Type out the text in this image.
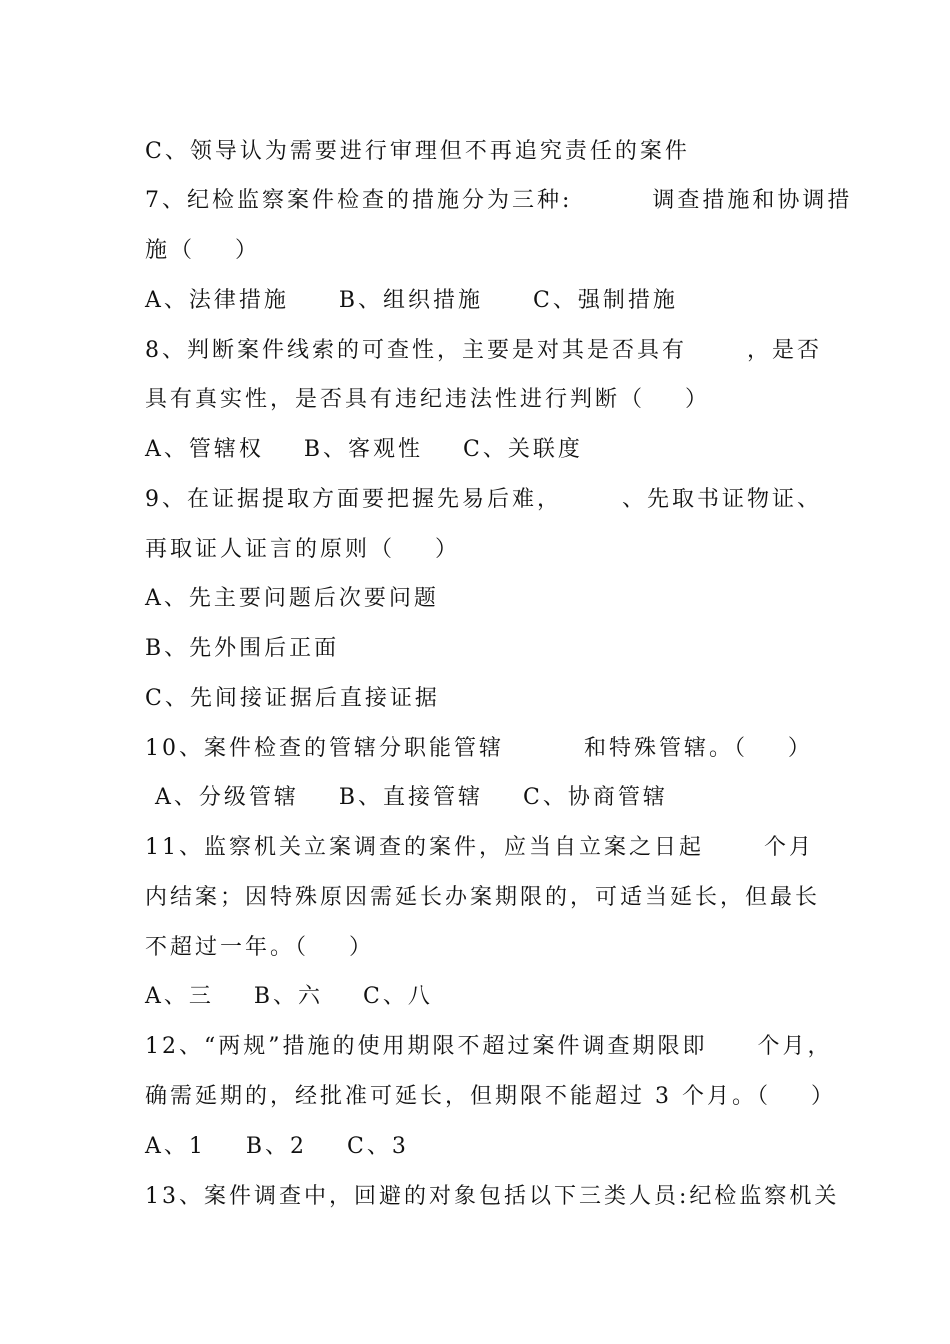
C、领导认为需要进行审理但不再追究责任的案件
7、纪检监察案件检查的措施分为三种:        调查措施和协调措
施（    ）
A、法律措施     B、组织措施     C、强制措施
8、判断案件线索的可查性，主要是对其是否具有      ，是否
具有真实性，是否具有违纪违法性进行判断（    ）
A、管辖权    B、客观性    C、关联度
9、在证据提取方面要把握先易后难，      、先取书证物证、
再取证人证言的原则（    ）
A、先主要问题后次要问题
B、先外围后正面
C、先间接证据后直接证据
10、案件检查的管辖分职能管辖        和特殊管辖。（    ）
A、分级管辖    B、直接管辖    C、协商管辖
11、监察机关立案调查的案件，应当自立案之日起      个月
内结案；因特殊原因需延长办案期限的，可适当延长，但最长
不超过一年。（    ）
A、三    B、六    C、八
12、“两规”措施的使用期限不超过案件调查期限即     个月，
确需延期的，经批准可延长，但期限不能超过 3 个月。（    ）
A、1    B、2    C、3
13、案件调查中，回避的对象包括以下三类人员:纪检监察机关
